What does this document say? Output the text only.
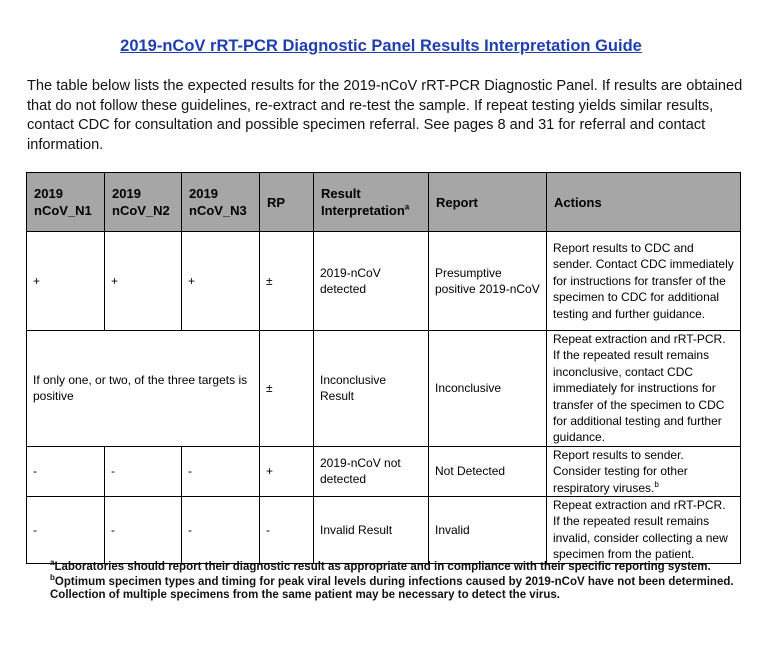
2019-nCoV rRT-PCR Diagnostic Panel Results Interpretation Guide
The table below lists the expected results for the 2019-nCoV rRT-PCR Diagnostic Panel. If results are obtained that do not follow these guidelines, re-extract and re-test the sample. If repeat testing yields similar results, contact CDC for consultation and possible specimen referral. See pages 8 and 31 for referral and contact information.
2019 nCoV_N1	2019 nCoV_N2	2019 nCoV_N3	RP	Result Interpretation$^a$	Report	Actions
+	+	+	±	2019-nCoV detected	Presumptive positive 2019-nCoV	Report results to CDC and sender. Contact CDC immediately for instructions for transfer of the specimen to CDC for additional testing and further guidance.
If only one, or two, of the three targets is positive			±	Inconclusive Result	Inconclusive	Repeat extraction and rRT-PCR. If the repeated result remains inconclusive, contact CDC immediately for instructions for transfer of the specimen to CDC for additional testing and further guidance.
-	-	-	+	2019-nCoV not detected	Not Detected	Report results to sender. Consider testing for other respiratory viruses.$^b$
-	-	-	-	Invalid Result	Invalid	Repeat extraction and rRT-PCR. If the repeated result remains invalid, consider collecting a new specimen from the patient.

$^a$Laboratories should report their diagnostic result as appropriate and in compliance with their specific reporting system.

$^b$Optimum specimen types and timing for peak viral levels during infections caused by 2019-nCoV have not been determined. Collection of multiple specimens from the same patient may be necessary to detect the virus.
